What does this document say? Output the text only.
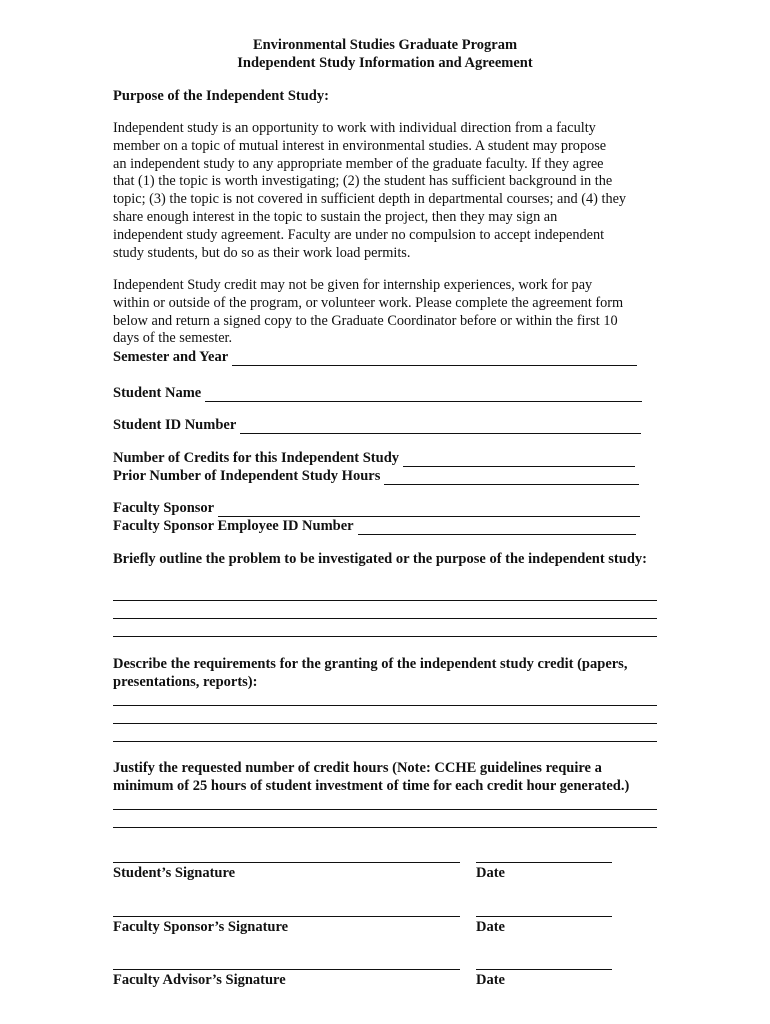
Environmental Studies Graduate Program
Independent Study Information and Agreement
Purpose of the Independent Study:
Independent study is an opportunity to work with individual direction from a faculty
member on a topic of mutual interest in environmental studies. A student may propose
an independent study to any appropriate member of the graduate faculty. If they agree
that (1) the topic is worth investigating; (2) the student has sufficient background in the
topic; (3) the topic is not covered in sufficient depth in departmental courses; and (4) they
share enough interest in the topic to sustain the project, then they may sign an
independent study agreement. Faculty are under no compulsion to accept independent
study students, but do so as their work load permits.
Independent Study credit may not be given for internship experiences, work for pay
within or outside of the program, or volunteer work. Please complete the agreement form
below and return a signed copy to the Graduate Coordinator before or within the first 10
days of the semester.
Semester and Year
Student Name
Student ID Number
Number of Credits for this Independent Study
Prior Number of Independent Study Hours
Faculty Sponsor
Faculty Sponsor Employee ID Number
Briefly outline the problem to be investigated or the purpose of the independent study:
Describe the requirements for the granting of the independent study credit (papers, presentations, reports):
Justify the requested number of credit hours (Note: CCHE guidelines require a minimum of 25 hours of student investment of time for each credit hour generated.)
Student’s Signature	Date
Faculty Sponsor’s Signature	Date
Faculty Advisor’s Signature	Date
